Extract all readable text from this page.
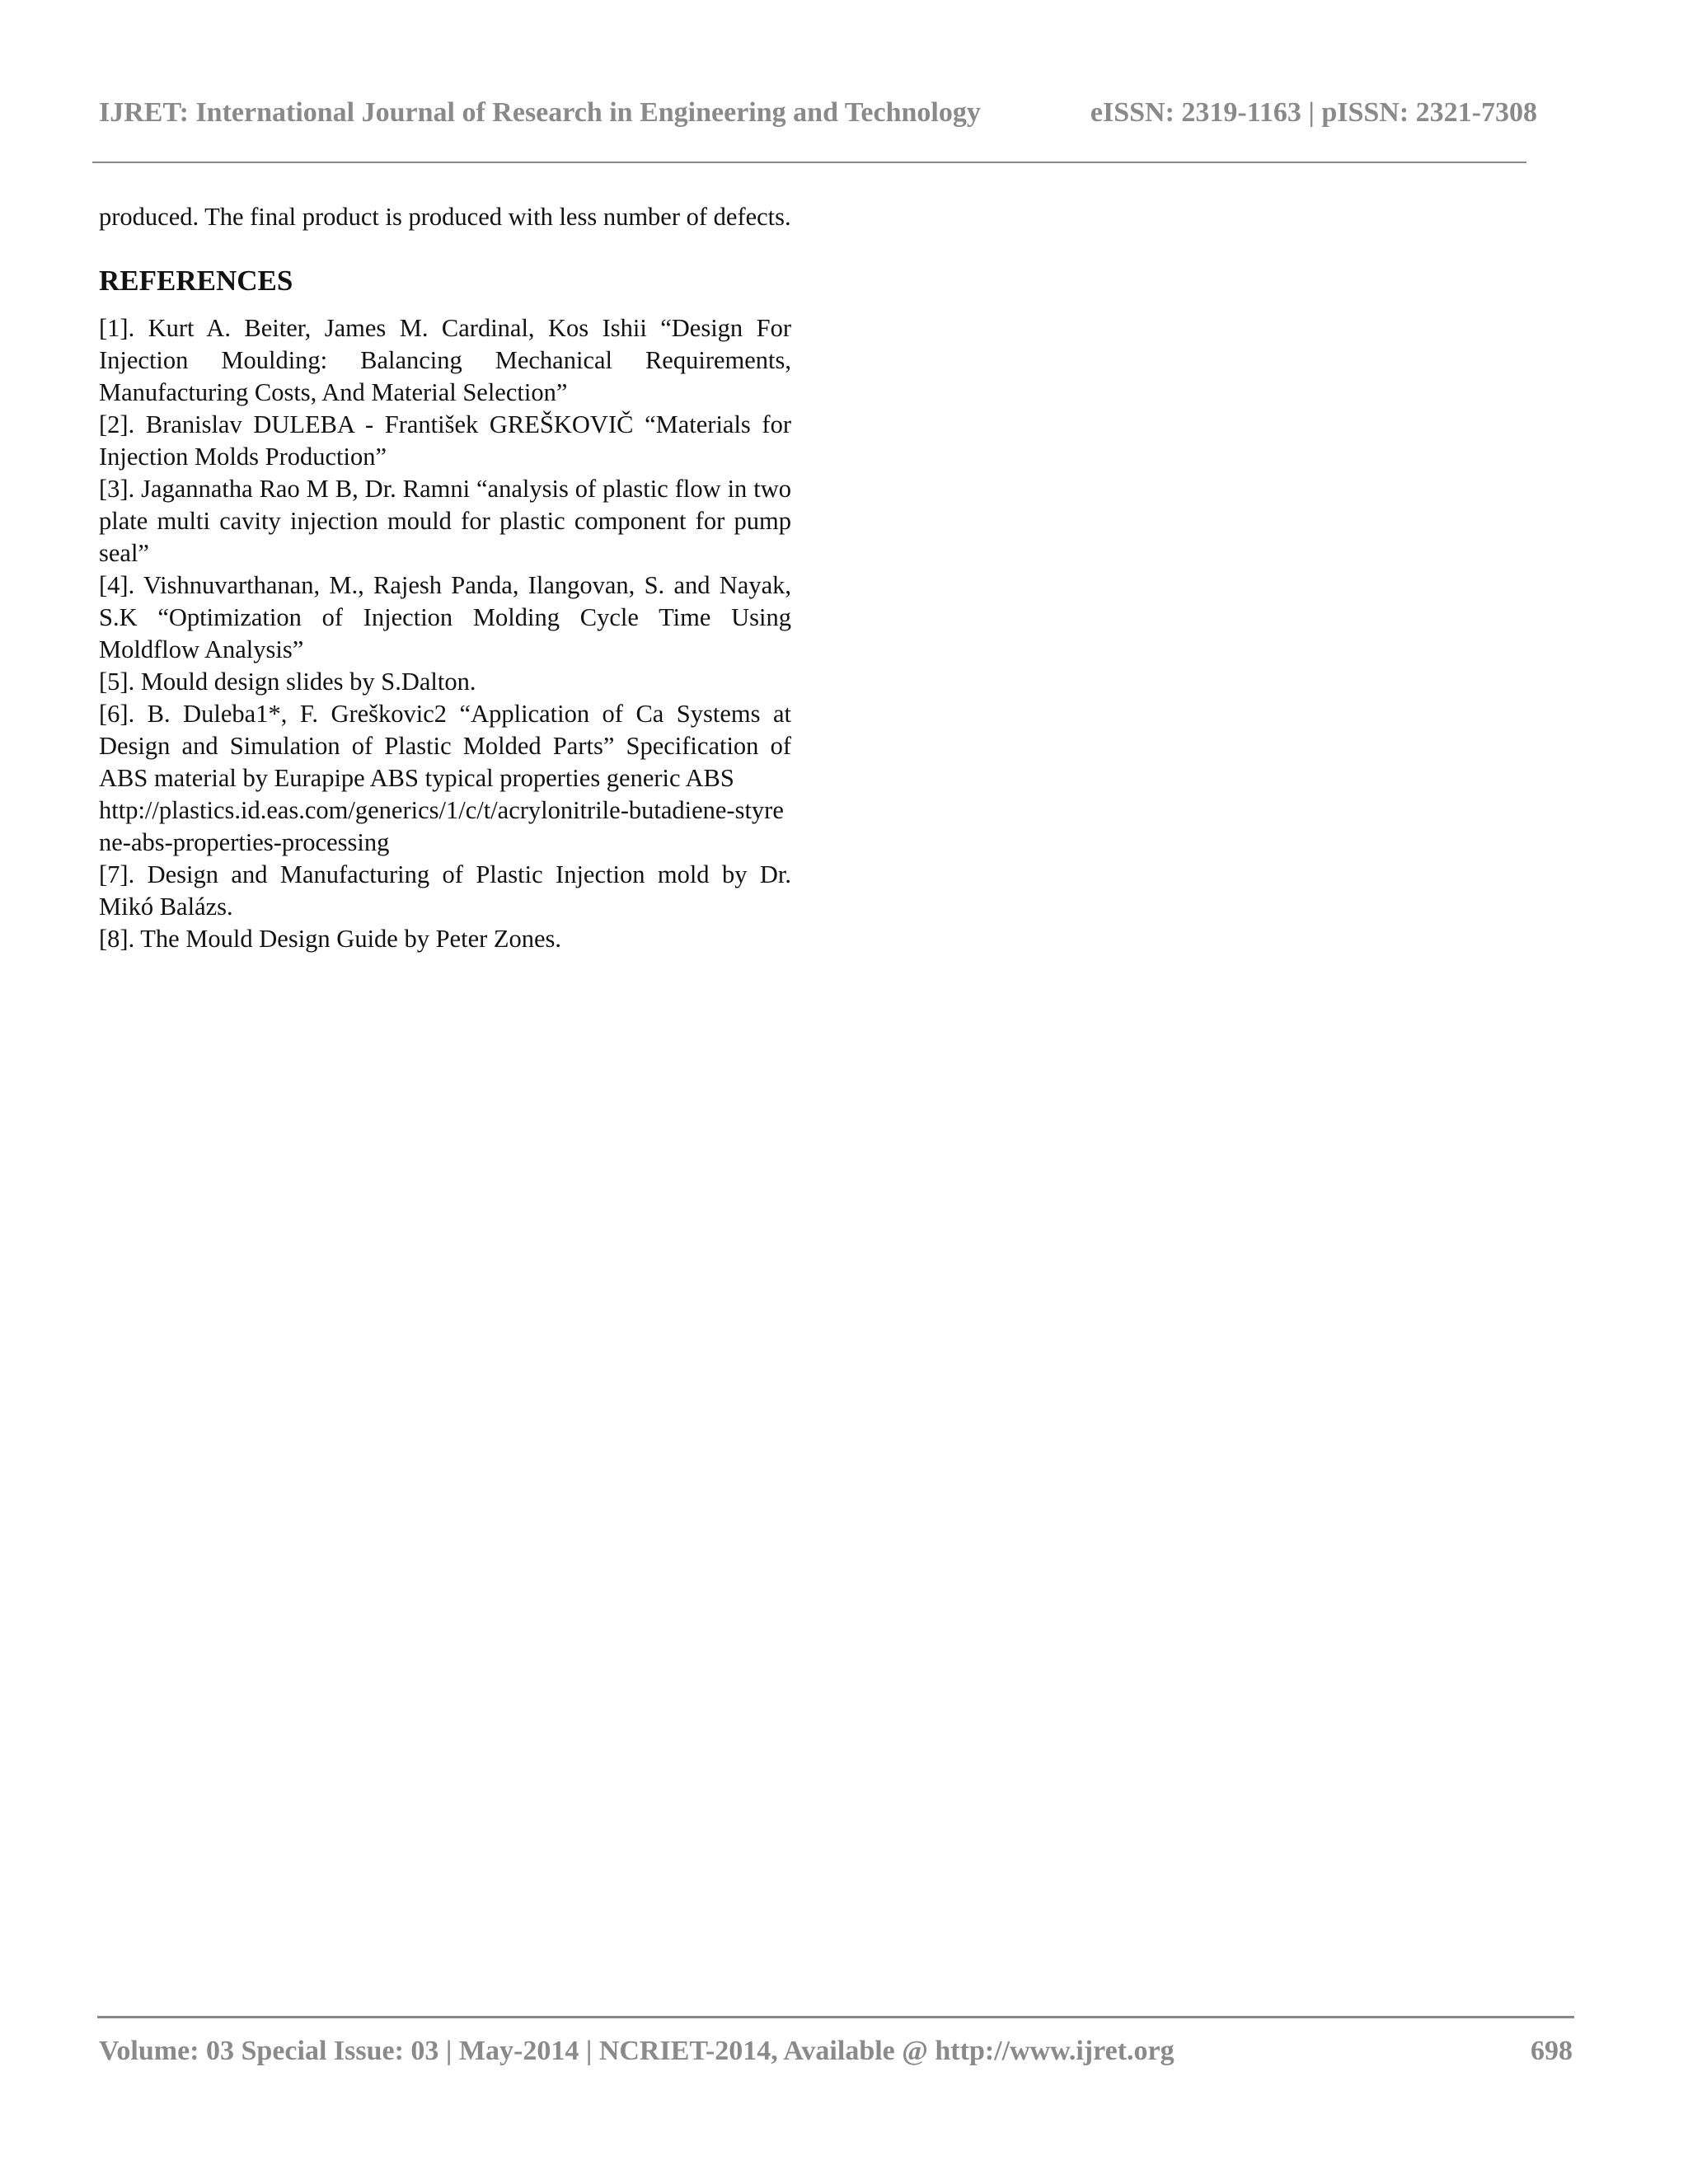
IJRET: International Journal of Research in Engineering and Technology	eISSN: 2319-1163 | pISSN: 2321-7308

produced. The final product is produced with less number of defects.

REFERENCES

[1]. Kurt A. Beiter, James M. Cardinal, Kos Ishii “Design For Injection Moulding: Balancing Mechanical Requirements, Manufacturing Costs, And Material Selection”

[2]. Branislav DULEBA - František GREŠKOVIČ “Materials for Injection Molds Production”

[3]. Jagannatha Rao M B, Dr. Ramni “analysis of plastic flow in two plate multi cavity injection mould for plastic component for pump seal”

[4]. Vishnuvarthanan, M., Rajesh Panda, Ilangovan, S. and Nayak, S.K “Optimization of Injection Molding Cycle Time Using Moldflow Analysis”

[5]. Mould design slides by S.Dalton.

[6]. B. Duleba1*, F. Greškovic2 “Application of Ca Systems at Design and Simulation of Plastic Molded Parts” Specification of ABS material by Eurapipe ABS typical properties generic ABS

http://plastics.id.eas.com/generics/1/c/t/acrylonitrile-butadiene-styrene-abs-properties-processing

[7]. Design and Manufacturing of Plastic Injection mold by Dr. Mikó Balázs.

[8]. The Mould Design Guide by Peter Zones.

Volume: 03 Special Issue: 03 | May-2014 | NCRIET-2014, Available @ http://www.ijret.org	698
